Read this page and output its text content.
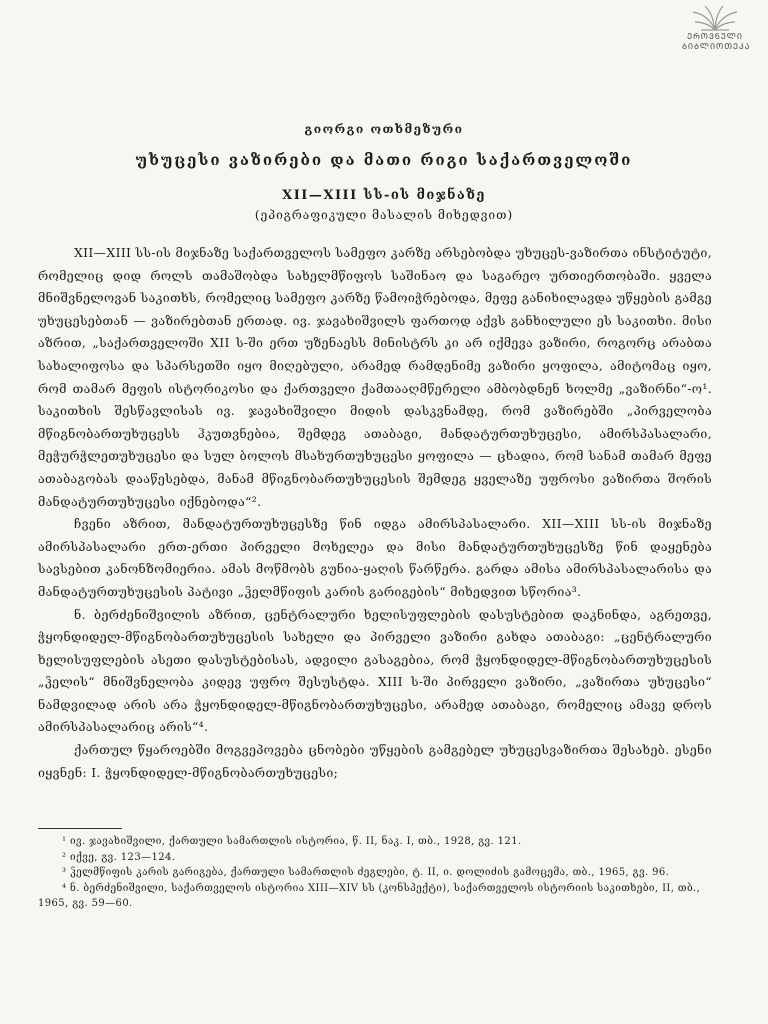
ᲔᲠᲝᲕᲜᲣᲚᲘ
ᲑᲘᲑᲚᲘᲝᲗᲔᲙᲐ
გიორგი ოთხმეზური
უხუცესი ვაზირები და მათი რიგი საქართველოში
XII—XIII სს-ის მიჯნაზე
(ეპიგრაფიკული მასალის მიხედვით)

XII—XIII სს-ის მიჯნაზე საქართველოს სამეფო კარზე არსებობდა უხუცეს-ვაზირთა ინსტიტუტი, რომელიც დიდ როლს თამაშობდა სახელმწიფოს საშინაო და საგარეო ურთიერთობაში. ყველა მნიშვნელოვან საკითხს, რომელიც სამეფო კარზე წამოიჭრებოდა, მეფე განიხილავდა უწყების გამგე უხუცესებთან — ვაზირებთან ერთად. ივ. ჯავახიშვილს ფართოდ აქვს განხილული ეს საკითხი. მისი აზრით, „საქართველოში XII ს-ში ერთ უზენაესს მინისტრს კი არ იქმევა ვაზირი, როგორც არაბთა სახალიფოსა და სპარსეთში იყო მიღებული, არამედ რამდენიმე ვაზირი ყოფილა, ამიტომაც იყო, რომ თამარ მეფის ისტორიკოსი და ქართველი ქამთააღმწერელი ამბობდნენ ხოლმე „ვაზირნი“-ო¹. საკითხის შესწავლისას ივ. ჯავახიშვილი მიდის დასკვნამდე, რომ ვაზირებში „პირველობა მწიგნობართუხუცესს ჰკუთვნებია, შემდეგ ათაბაგი, მანდატურთუხუცესი, ამირსპასალარი, მეჭურჭლეთუხუცესი და სულ ბოლოს მსახურთუხუცესი ყოფილა — ცხადია, რომ სანამ თამარ მეფე ათაბაგობას დააწესებდა, მანამ მწიგნობართუხუცესის შემდეგ ყველაზე უფროსი ვაზირთა შორის მანდატურთუხუცესი იქნებოდა“².

ჩვენი აზრით, მანდატურთუხუცესზე წინ იდგა ამირსპასალარი. XII—XIII სს-ის მიჯნაზე ამირსპასალარი ერთ-ერთი პირველი მოხელეა და მისი მანდატურთუხუცესზე წინ დაყენება სავსებით კანონზომიერია. ამას მოწმობს გუნია-ყაღის წარწერა. გარდა ამისა ამირსპასალარისა და მანდატურთუხუცესის პატივი „ჴელმწიფის კარის გარიგების“ მიხედვით სწორია³.

ნ. ბერძენიშვილის აზრით, ცენტრალური ხელისუფლების დასუსტებით დაკნინდა, აგრეთვე, ჭყონდიდელ-მწიგნობართუხუცესის სახელი და პირველი ვაზირი გახდა ათაბაგი: „ცენტრალური ხელისუფლების ასეთი დასუსტებისას, ადვილი გასაგებია, რომ ჭყონდიდელ-მწიგნობართუხუცესის „ჴელის“ მნიშვნელობა კიდევ უფრო შესუსტდა. XIII ს-ში პირველი ვაზირი, „ვაზირთა უხუცესი“ ნამდვილად არის არა ჭყონდიდელ-მწიგნობართუხუცესი, არამედ ათაბაგი, რომელიც ამავე დროს ამირსპასალარიც არის“⁴.

ქართულ წყაროებში მოგვეპოვება ცნობები უწყების გამგებელ უხუცესვაზირთა შესახებ. ესენი იყვნენ: I. ჭყონდიდელ-მწიგნობართუხუცესი;

¹ ივ. ჯავახიშვილი, ქართული სამართლის ისტორია, წ. II, ნაკ. I, თბ., 1928, გვ. 121.

² იქვე, გვ. 123—124.

³ ჴელმწიფის კარის გარიგება, ქართული სამართლის ძეგლები, ტ. II, ი. დოლიძის გამოცემა, თბ., 1965, გვ. 96.

⁴ ნ. ბერძენიშვილი, საქართველოს ისტორია XIII—XIV სს (კონსპექტი), საქართველოს ისტორიის საკითხები, II, თბ., 1965, გვ. 59—60.
